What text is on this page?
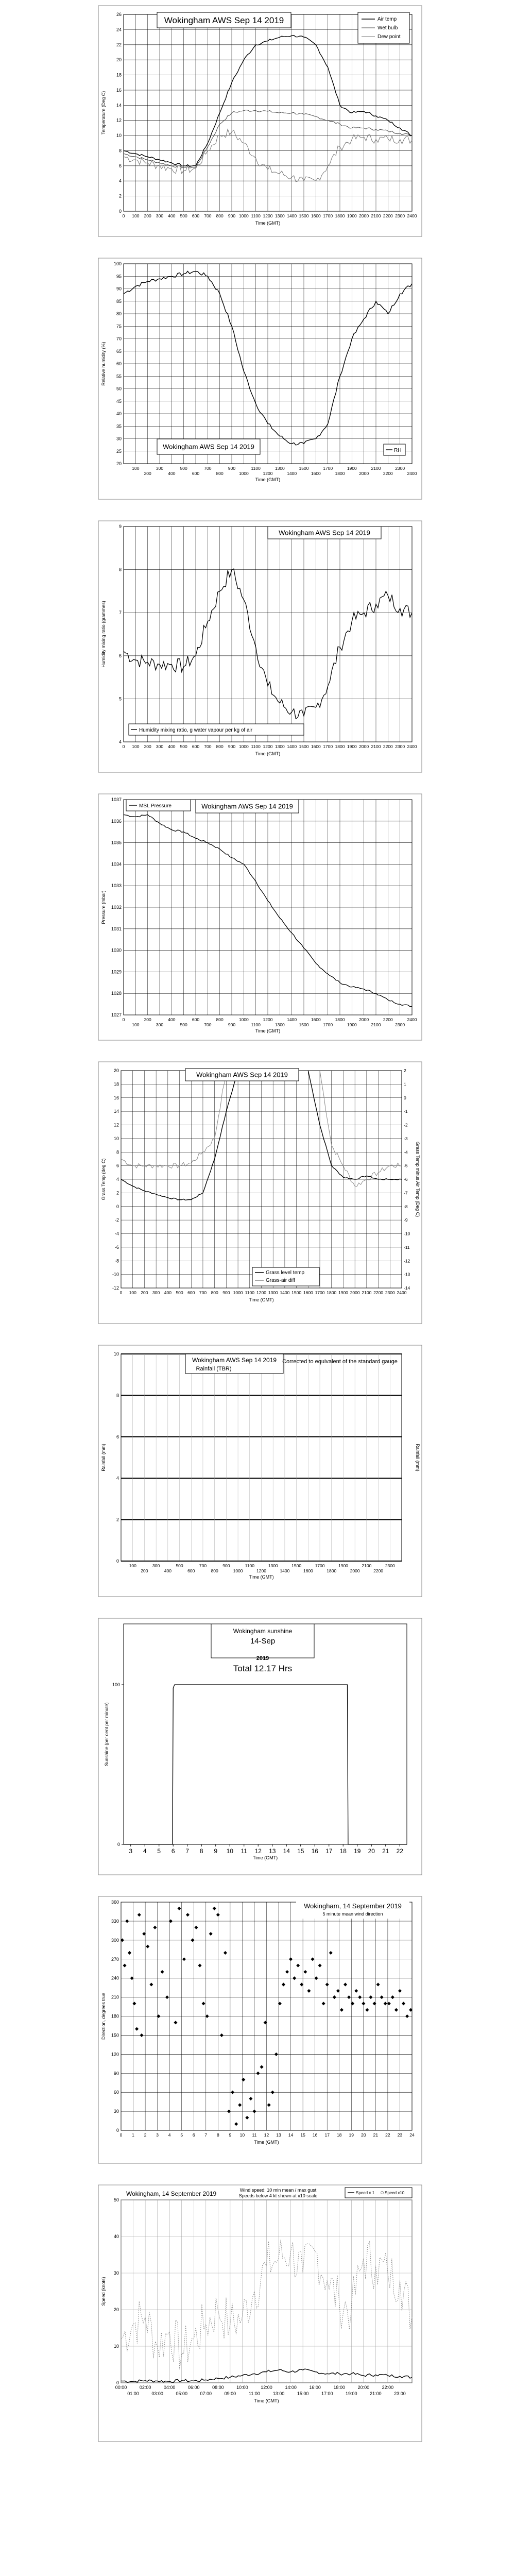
0
2
4
6
8
10
12
14
16
18
20
22
24
26
0 100 200 300 400 500 600 700 800 900 1000 1100 1200 1300 1400 1500 1600 1700 1800 1900 2000 2100 2200 2300 2400
Time (GMT)
Temperature (Deg C)
Wokingham AWS Sep 14 2019	Air temp
Wet bulb
Dew point
20
25
30
35
40
45
50
55
60
65
70
75
80
85
90
95
100
100
200
300
400
500
600
700
800
900
1000
1100
1200
1300
1400
1500
1600
1700
1800
1900
2000
2100
2200
2300
2400
Time (GMT)
Relative humidity (%)
Wokingham AWS Sep 14 2019	RH
4
5
6
7
8
9
0 100 200 300 400 500 600 700 800 900 1000 1100 1200 1300 1400 1500 1600 1700 1800 1900 2000 2100 2200 2300 2400
Time (GMT)
Humidity mixing ratio (grammes)
Wokingham AWS Sep 14 2019
Humidity mixing ratio, g water vapour per kg of air
1027
1028
1029
1030
1031
1032
1033
1034
1035
1036
1037
0
100
200
300
400
500
600
700
800
900
1000
1100
1200
1300
1400
1500
1600
1700
1800
1900
2000
2100
2200
2300
2400
Time (GMT)
Pressure (mbar)
Wokingham AWS Sep 14 2019
MSL Pressure
-12
-10
-8
-6
-4
-2
0
2
4
6
8
10
12
14
16
18
20
0 100 200 300 400 500 600 700 800 900 1000 1100 1200 1300 1400 1500 1600 1700 1800 1900 2000 2100 2200 2300 2400
Time (GMT)
Grass Temp (deg C)
-14
-13
-12
-11
-10
-9
-8
-7
-6
-5
-4
-3
-2
-1
0
1
2
Grass Temp minus Air Temp (Deg C)
Wokingham AWS Sep 14 2019
Grass level temp
Grass-air diff
0
2
4
6
8
10
100
200
300
400
500
600
700
800
900
1000
1100
1200
1300
1400
1500
1600
1700
1800
1900
2000
2100
2200
2300
Time (GMT)
Rainfall (mm)	Rainfall (mm)
Wokingham AWS Sep 14 2019
Rainfall (TBR)
Corrected to equivalent of the standard gauge
3 4 5 6 7 8 9 10 11 12 13 14 15 16 17 18 19 20 21 22
0
100
Time (GMT)
Sunshine (per cent per minute)
Wokingham sunshine
14-Sep
2019
Total 12.17 Hrs
0
30
60
90
120
150
180
210
240
270
300
330
360
0 1 2 3 4 5 6 7 8 9 10 11 12 13 14 15 16 17 18 19 20 21 22 23 24
Time (GMT)
Direction, degrees true
Wokingham, 14 September 2019
5 minute mean wind direction
0
10
20
30
40
50
00:00	02:00	04:00	06:00	08:00	10:00	12:00	14:00	16:00	18:00	20:00	22:00
01:00	03:00	05:00	07:00	09:00	11:00	13:00	15:00	17:00	19:00	21:00	23:00
Time (GMT)
Speed (knots)
Wokingham, 14 September 2019	Wind speed: 10 min mean / max gust
Speeds below 4 kt shown at x10 scale
Speed x 1 Speed x10
